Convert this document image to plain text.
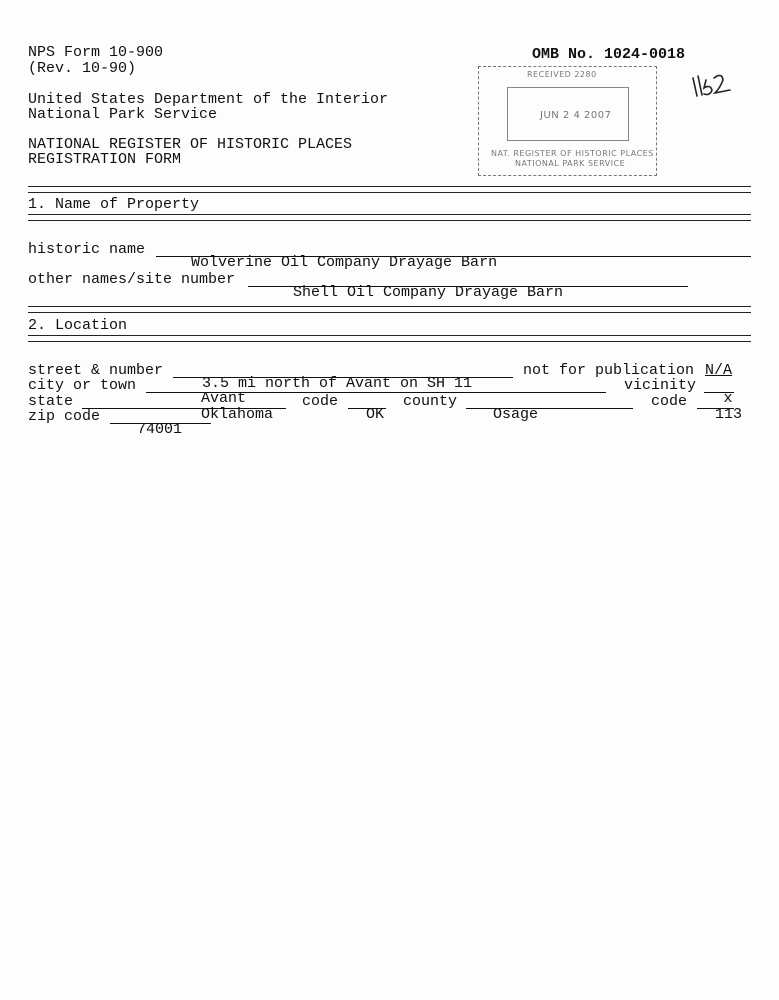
NPS Form 10-900
(Rev. 10-90)
OMB No. 1024-0018
United States Department of the Interior
National Park Service
NATIONAL REGISTER OF HISTORIC PLACES
REGISTRATION FORM
RECEIVED 2280
JUN 2 4 2007
NAT. REGISTER OF HISTORIC PLACES
NATIONAL PARK SERVICE
1. Name of Property
historic name

Wolverine Oil Company Drayage Barn

other names/site number

Shell Oil Company Drayage Barn

2. Location
street & number

3.5 mi north of Avant on SH 11

not for publication N/A
city or town

Avant

vicinity

x

state

Oklahoma

code

OK

county

Osage

code

113

zip code

74001
